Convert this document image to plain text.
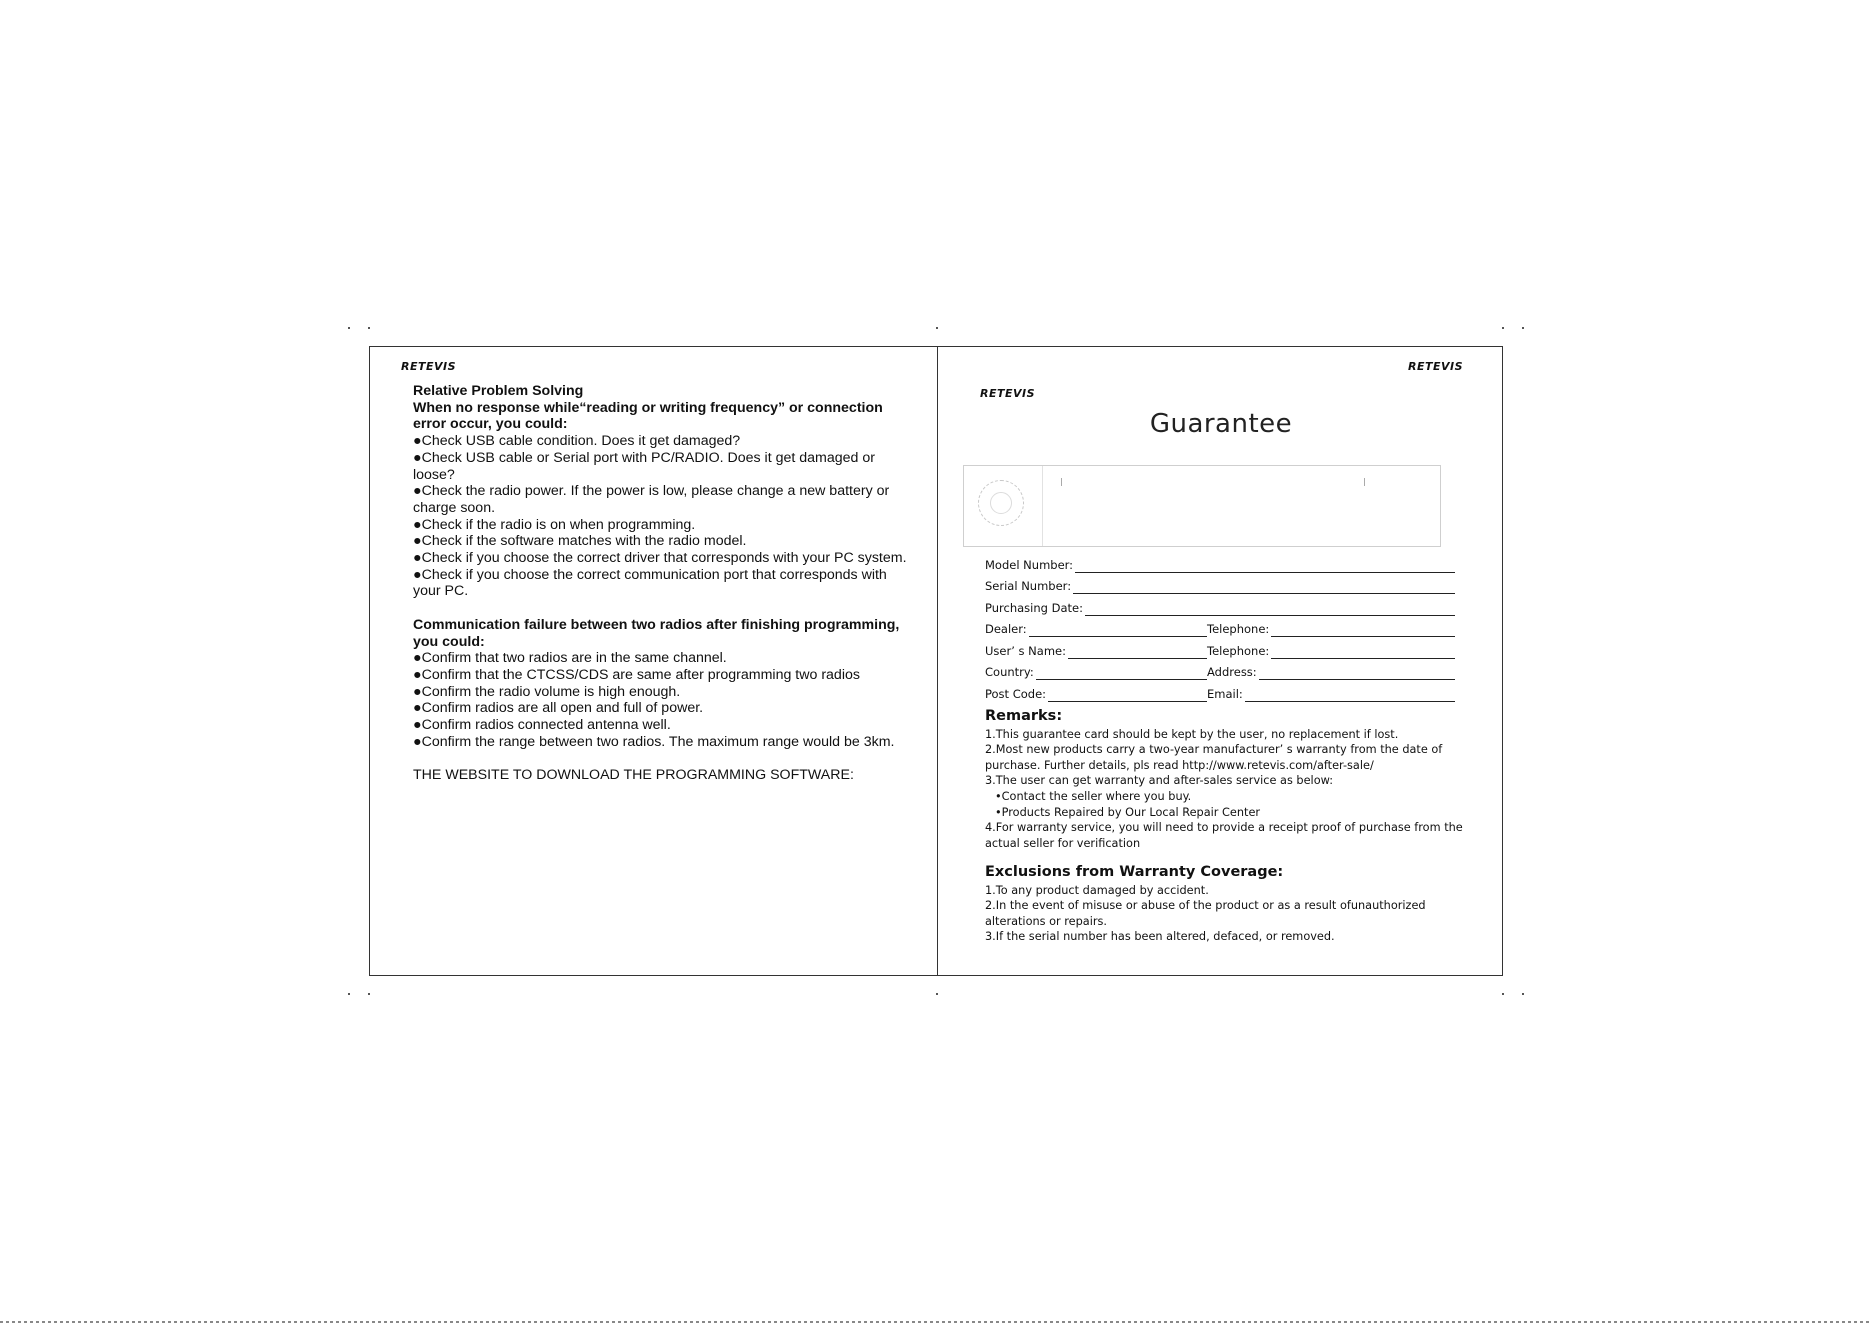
RETEVIS

Relative Problem Solving

When no response while“reading or writing frequency” or connection error occur, you could:

●Check USB cable condition. Does it get damaged?

●Check USB cable or Serial port with PC/RADIO. Does it get damaged or loose?

●Check the radio power. If the power is low, please change a new battery or charge soon.

●Check if the radio is on when programming.

●Check if the software matches with the radio model.

●Check if you choose the correct driver that corresponds with your PC system.

●Check if you choose the correct communication port that corresponds with your PC.

Communication failure between two radios after finishing programming,

you could:

●Confirm that two radios are in the same channel.

●Confirm that the CTCSS/CDS are same after programming two radios

●Confirm the radio volume is high enough.

●Confirm radios are all open and full of power.

●Confirm radios connected antenna well.

●Confirm the range between two radios. The maximum range would be 3km.

THE WEBSITE TO DOWNLOAD THE PROGRAMMING SOFTWARE:

RETEVIS
RETEVIS
Guarantee
Model Number:
Serial Number:
Purchasing Date:
Dealer:	Telephone:
User’ s Name:	Telephone:
Country:	Address:
Post Code:	Email:
Remarks:

1.This guarantee card should be kept by the user, no replacement if lost.

2.Most new products carry a two-year manufacturer’ s warranty from the date of purchase. Further details, pls read http://www.retevis.com/after-sale/

3.The user can get warranty and after-sales service as below:

•Contact the seller where you buy.

•Products Repaired by Our Local Repair Center

4.For warranty service, you will need to provide a receipt proof of purchase from the actual seller for verification

Exclusions from Warranty Coverage:

1.To any product damaged by accident.

2.In the event of misuse or abuse of the product or as a result ofunauthorized alterations or repairs.

3.If the serial number has been altered, defaced, or removed.
